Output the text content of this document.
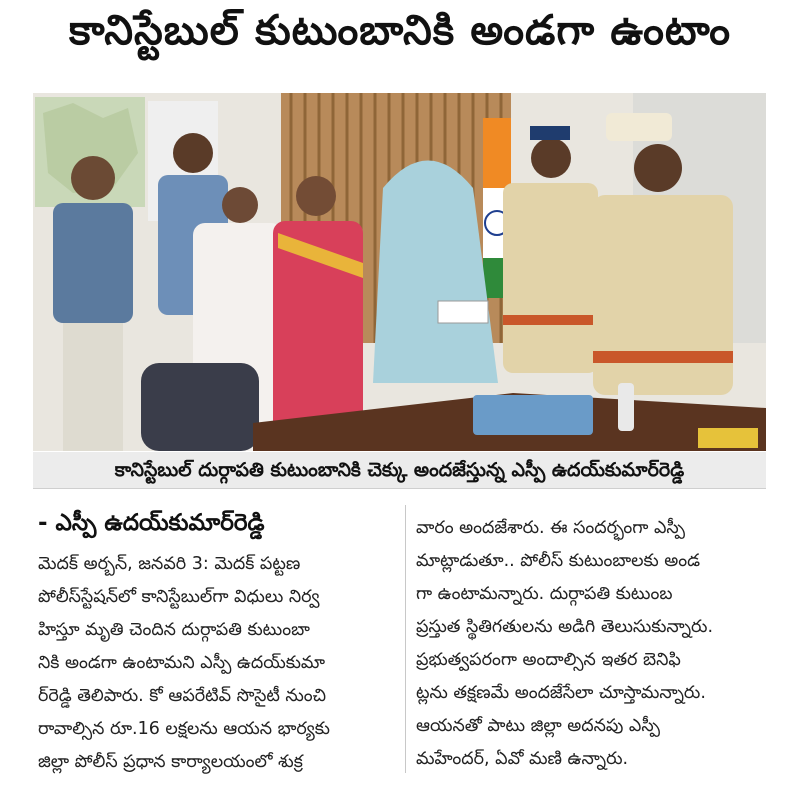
కానిస్టేబుల్ కుటుంబానికి అండగా ఉంటాం
కానిస్టేబుల్ దుర్గాపతి కుటుంబానికి చెక్కు అందజేస్తున్న ఎస్పీ ఉదయ్‌కుమార్‌రెడ్డి
- ఎస్పీ ఉదయ్‌కుమార్‌రెడ్డి
మెదక్ అర్బన్, జనవరి 3: మెదక్ పట్టణ
పోలీస్‌స్టేషన్‌లో కానిస్టేబుల్‌గా విధులు నిర్వ
హిస్తూ మృతి చెందిన దుర్గాపతి కుటుంబా
నికి అండగా ఉంటామని ఎస్పీ ఉదయ్‌కుమా
ర్‌రెడ్డి తెలిపారు. కో ఆపరేటివ్ సొసైటీ నుంచి
రావాల్సిన రూ.16 లక్షలను ఆయన భార్యకు
జిల్లా పోలీస్ ప్రధాన కార్యాలయంలో శుక్ర
వారం అందజేశారు. ఈ సందర్భంగా ఎస్పీ
మాట్లాడుతూ.. పోలీస్ కుటుంబాలకు అండ
గా ఉంటామన్నారు. దుర్గాపతి కుటుంబ
ప్రస్తుత స్థితిగతులను అడిగి తెలుసుకున్నారు.
ప్రభుత్వపరంగా అందాల్సిన ఇతర బెనిఫి
ట్లను తక్షణమే అందజేసేలా చూస్తామన్నారు.
ఆయనతో పాటు జిల్లా అదనపు ఎస్పీ
మహేందర్, ఏవో మణి ఉన్నారు.
